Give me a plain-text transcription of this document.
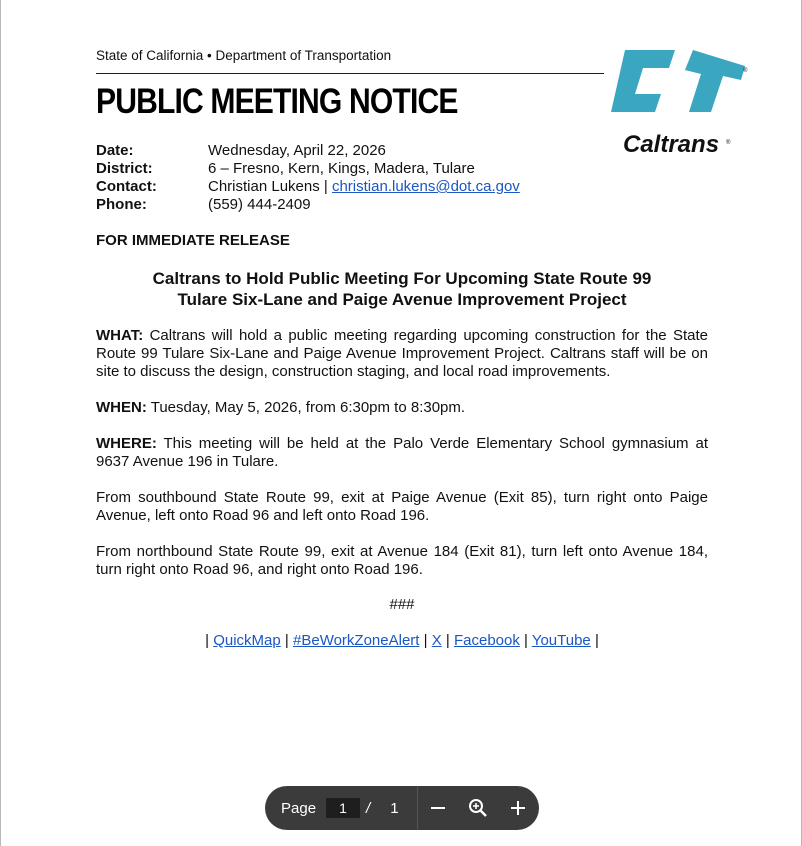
State of California • Department of Transportation
PUBLIC MEETING NOTICE
®
Caltrans ®
Date:	Wednesday, April 22, 2026
District:	6 – Fresno, Kern, Kings, Madera, Tulare
Contact:	Christian Lukens | christian.lukens@dot.ca.gov
Phone:	(559) 444-2409
FOR IMMEDIATE RELEASE
Caltrans to Hold Public Meeting For Upcoming State Route 99
Tulare Six-Lane and Paige Avenue Improvement Project
WHAT: Caltrans will hold a public meeting regarding upcoming construction for the State Route 99 Tulare Six-Lane and Paige Avenue Improvement Project. Caltrans staff will be on site to discuss the design, construction staging, and local road improvements.
WHEN: Tuesday, May 5, 2026, from 6:30pm to 8:30pm.
WHERE: This meeting will be held at the Palo Verde Elementary School gymnasium at 9637 Avenue 196 in Tulare.
From southbound State Route 99, exit at Paige Avenue (Exit 85), turn right onto Paige Avenue, left onto Road 96 and left onto Road 196.
From northbound State Route 99, exit at Avenue 184 (Exit 81), turn left onto Avenue 184, turn right onto Road 96, and right onto Road 196.
###
| QuickMap | #BeWorkZoneAlert | X | Facebook | YouTube |
Page	1	/ 1
